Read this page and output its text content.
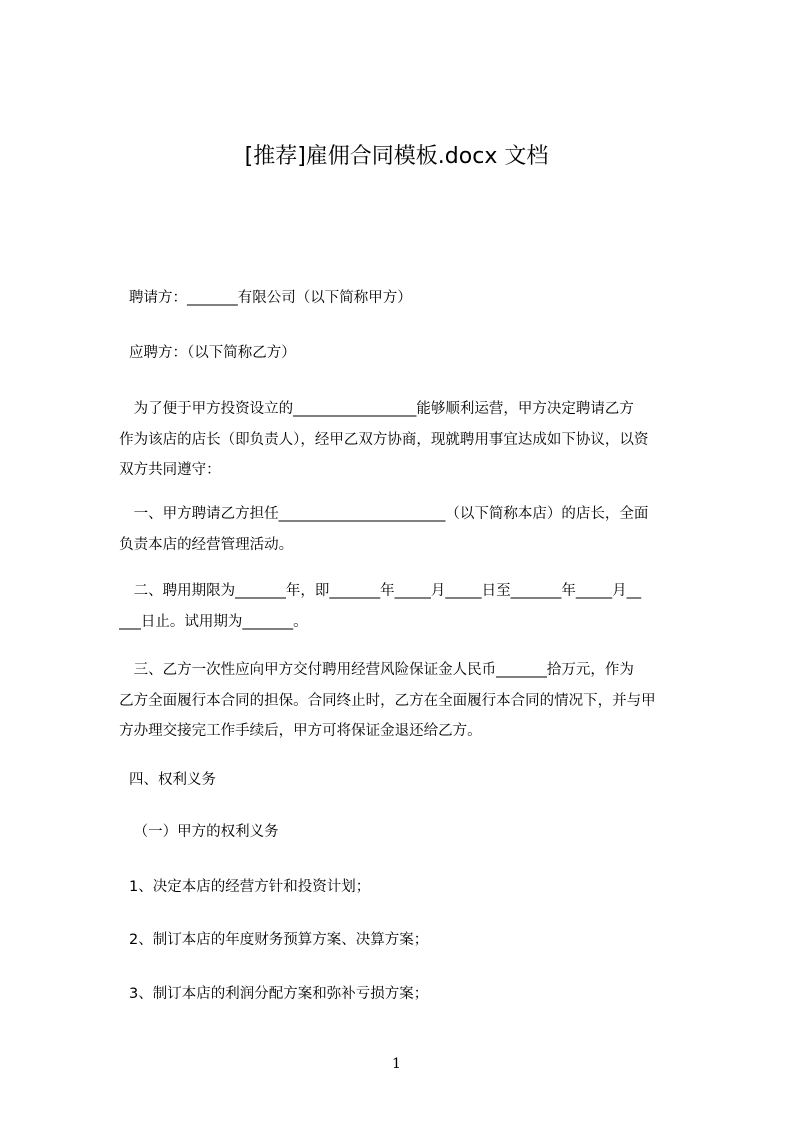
[推荐]雇佣合同模板.docx 文档
　　聘请方：_______有限公司（以下简称甲方）
　　应聘方：（以下简称乙方）
　　 为了便于甲方投资设立的_________________能够顺利运营，甲方决定聘请乙方
　 作为该店的店长（即负责人），经甲乙双方协商，现就聘用事宜达成如下协议，以资
　 双方共同遵守：
　　 一、甲方聘请乙方担任_______________________（以下简称本店）的店长，全面
　 负责本店的经营管理活动。
　　 二、聘用期限为_______年，即_______年_____月_____日至_______年_____月__
　 ___日止。试用期为_______。
　　 三、乙方一次性应向甲方交付聘用经营风险保证金人民币_______拾万元，作为
　 乙方全面履行本合同的担保。合同终止时，乙方在全面履行本合同的情况下，并与甲
　 方办理交接完工作手续后，甲方可将保证金退还给乙方。
　　四、权利义务
　　 （一）甲方的权利义务
　　1、决定本店的经营方针和投资计划；
　　2、制订本店的年度财务预算方案、决算方案；
　　3、制订本店的利润分配方案和弥补亏损方案；
1
